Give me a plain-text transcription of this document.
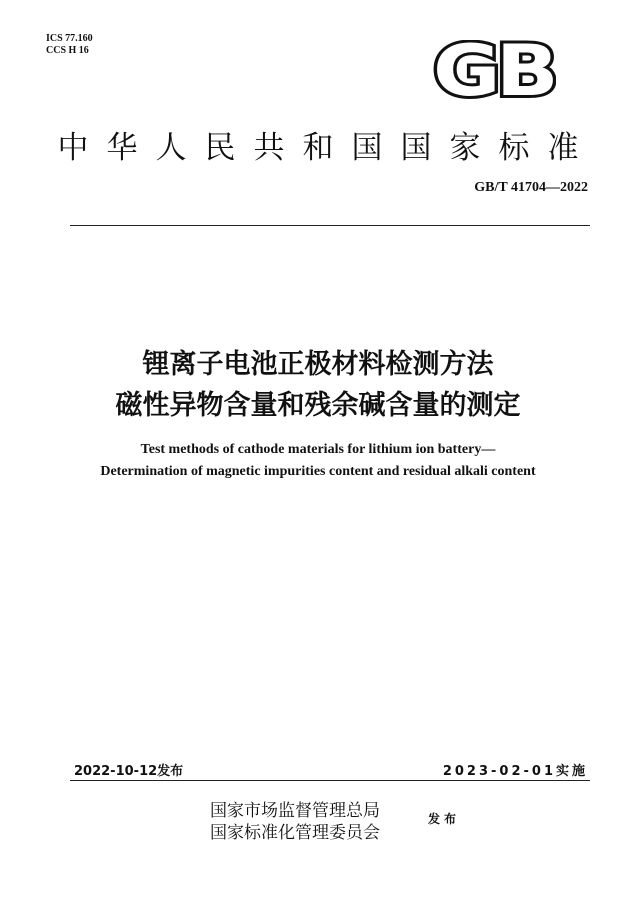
ICS 77.160
CCS H 16	GB
中华人民共和国国家标准
GB/T 41704—2022
锂离子电池正极材料检测方法
磁性异物含量和残余碱含量的测定
Test methods of cathode materials for lithium ion battery—
Determination of magnetic impurities content and residual alkali content
2022-10-12发布	2023-02-01实施
国家市场监督管理总局
国家标准化管理委员会
发布
